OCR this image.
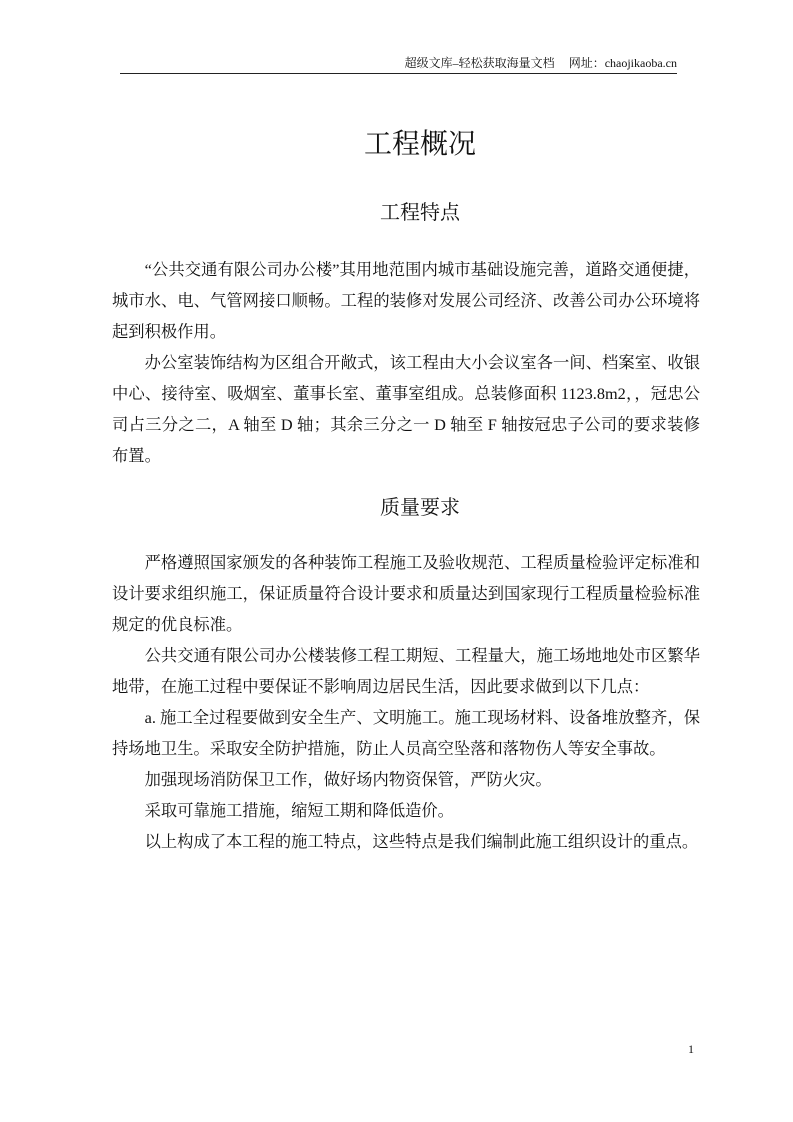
超级文库–轻松获取海量文档 网址：chaojikaoba.cn
工程概况
工程特点

“公共交通有限公司办公楼”其用地范围内城市基础设施完善，道路交通便捷，城市水、电、气管网接口顺畅。工程的装修对发展公司经济、改善公司办公环境将起到积极作用。

办公室装饰结构为区组合开敞式，该工程由大小会议室各一间、档案室、收银中心、接待室、吸烟室、董事长室、董事室组成。总装修面积 1123.8m2，，冠忠公司占三分之二，A 轴至 D 轴；其余三分之一 D 轴至 F 轴按冠忠子公司的要求装修布置。

质量要求

严格遵照国家颁发的各种装饰工程施工及验收规范、工程质量检验评定标准和设计要求组织施工，保证质量符合设计要求和质量达到国家现行工程质量检验标准规定的优良标准。

公共交通有限公司办公楼装修工程工期短、工程量大，施工场地地处市区繁华地带，在施工过程中要保证不影响周边居民生活，因此要求做到以下几点：

a. 施工全过程要做到安全生产、文明施工。施工现场材料、设备堆放整齐，保持场地卫生。采取安全防护措施，防止人员高空坠落和落物伤人等安全事故。

加强现场消防保卫工作，做好场内物资保管，严防火灾。

采取可靠施工措施，缩短工期和降低造价。

以上构成了本工程的施工特点，这些特点是我们编制此施工组织设计的重点。

1
